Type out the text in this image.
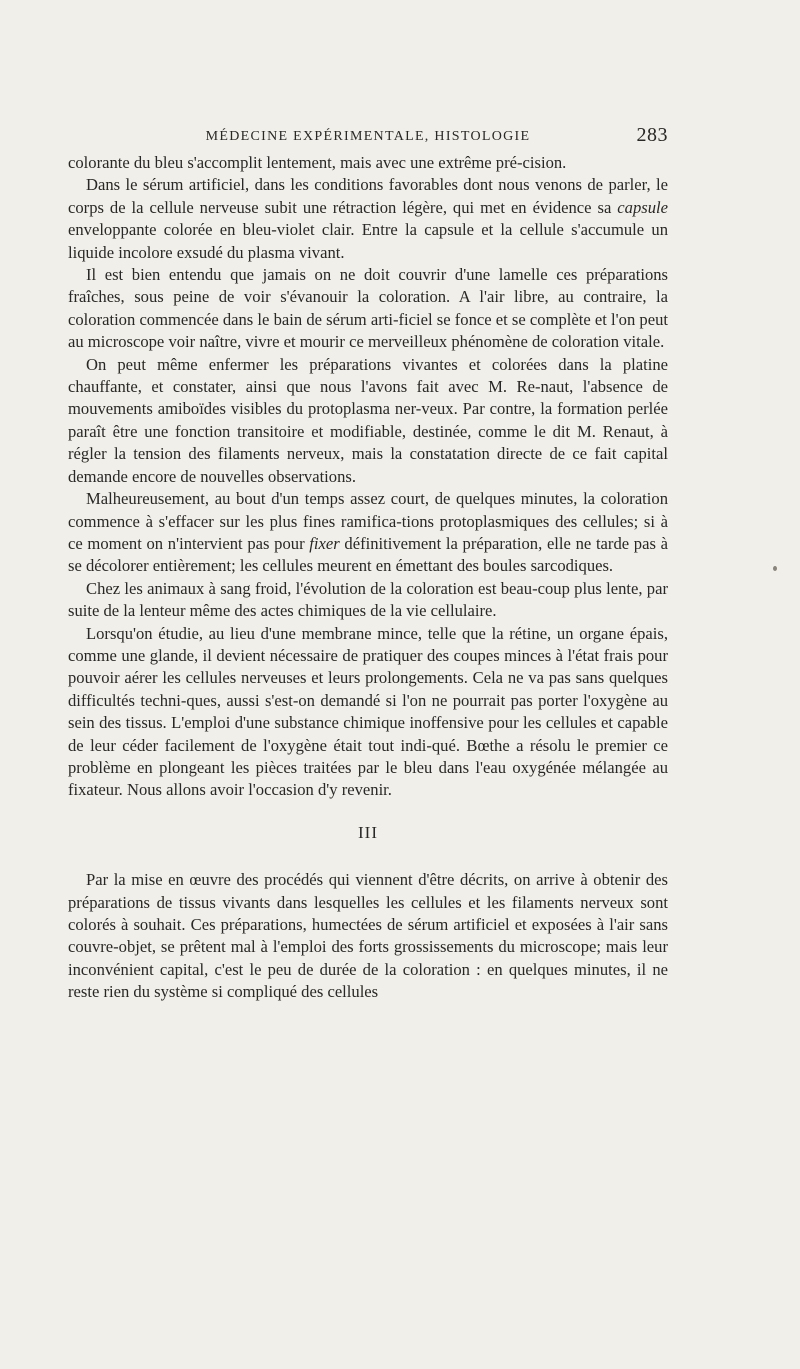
MÉDECINE EXPÉRIMENTALE, HISTOLOGIE	283

colorante du bleu s'accomplit lentement, mais avec une extrême pré-cision.

Dans le sérum artificiel, dans les conditions favorables dont nous venons de parler, le corps de la cellule nerveuse subit une rétraction légère, qui met en évidence sa capsule enveloppante colorée en bleu-violet clair. Entre la capsule et la cellule s'accumule un liquide incolore exsudé du plasma vivant.

Il est bien entendu que jamais on ne doit couvrir d'une lamelle ces préparations fraîches, sous peine de voir s'évanouir la coloration. A l'air libre, au contraire, la coloration commencée dans le bain de sérum arti-ficiel se fonce et se complète et l'on peut au microscope voir naître, vivre et mourir ce merveilleux phénomène de coloration vitale.

On peut même enfermer les préparations vivantes et colorées dans la platine chauffante, et constater, ainsi que nous l'avons fait avec M. Re-naut, l'absence de mouvements amiboïdes visibles du protoplasma ner-veux. Par contre, la formation perlée paraît être une fonction transitoire et modifiable, destinée, comme le dit M. Renaut, à régler la tension des filaments nerveux, mais la constatation directe de ce fait capital demande encore de nouvelles observations.

Malheureusement, au bout d'un temps assez court, de quelques minutes, la coloration commence à s'effacer sur les plus fines ramifica-tions protoplasmiques des cellules; si à ce moment on n'intervient pas pour fixer définitivement la préparation, elle ne tarde pas à se décolorer entièrement; les cellules meurent en émettant des boules sarcodiques.

Chez les animaux à sang froid, l'évolution de la coloration est beau-coup plus lente, par suite de la lenteur même des actes chimiques de la vie cellulaire.

Lorsqu'on étudie, au lieu d'une membrane mince, telle que la rétine, un organe épais, comme une glande, il devient nécessaire de pratiquer des coupes minces à l'état frais pour pouvoir aérer les cellules nerveuses et leurs prolongements. Cela ne va pas sans quelques difficultés techni-ques, aussi s'est-on demandé si l'on ne pourrait pas porter l'oxygène au sein des tissus. L'emploi d'une substance chimique inoffensive pour les cellules et capable de leur céder facilement de l'oxygène était tout indi-qué. Bœthe a résolu le premier ce problème en plongeant les pièces traitées par le bleu dans l'eau oxygénée mélangée au fixateur. Nous allons avoir l'occasion d'y revenir.

III

Par la mise en œuvre des procédés qui viennent d'être décrits, on arrive à obtenir des préparations de tissus vivants dans lesquelles les cellules et les filaments nerveux sont colorés à souhait. Ces préparations, humectées de sérum artificiel et exposées à l'air sans couvre-objet, se prêtent mal à l'emploi des forts grossissements du microscope; mais leur inconvénient capital, c'est le peu de durée de la coloration : en quelques minutes, il ne reste rien du système si compliqué des cellules
